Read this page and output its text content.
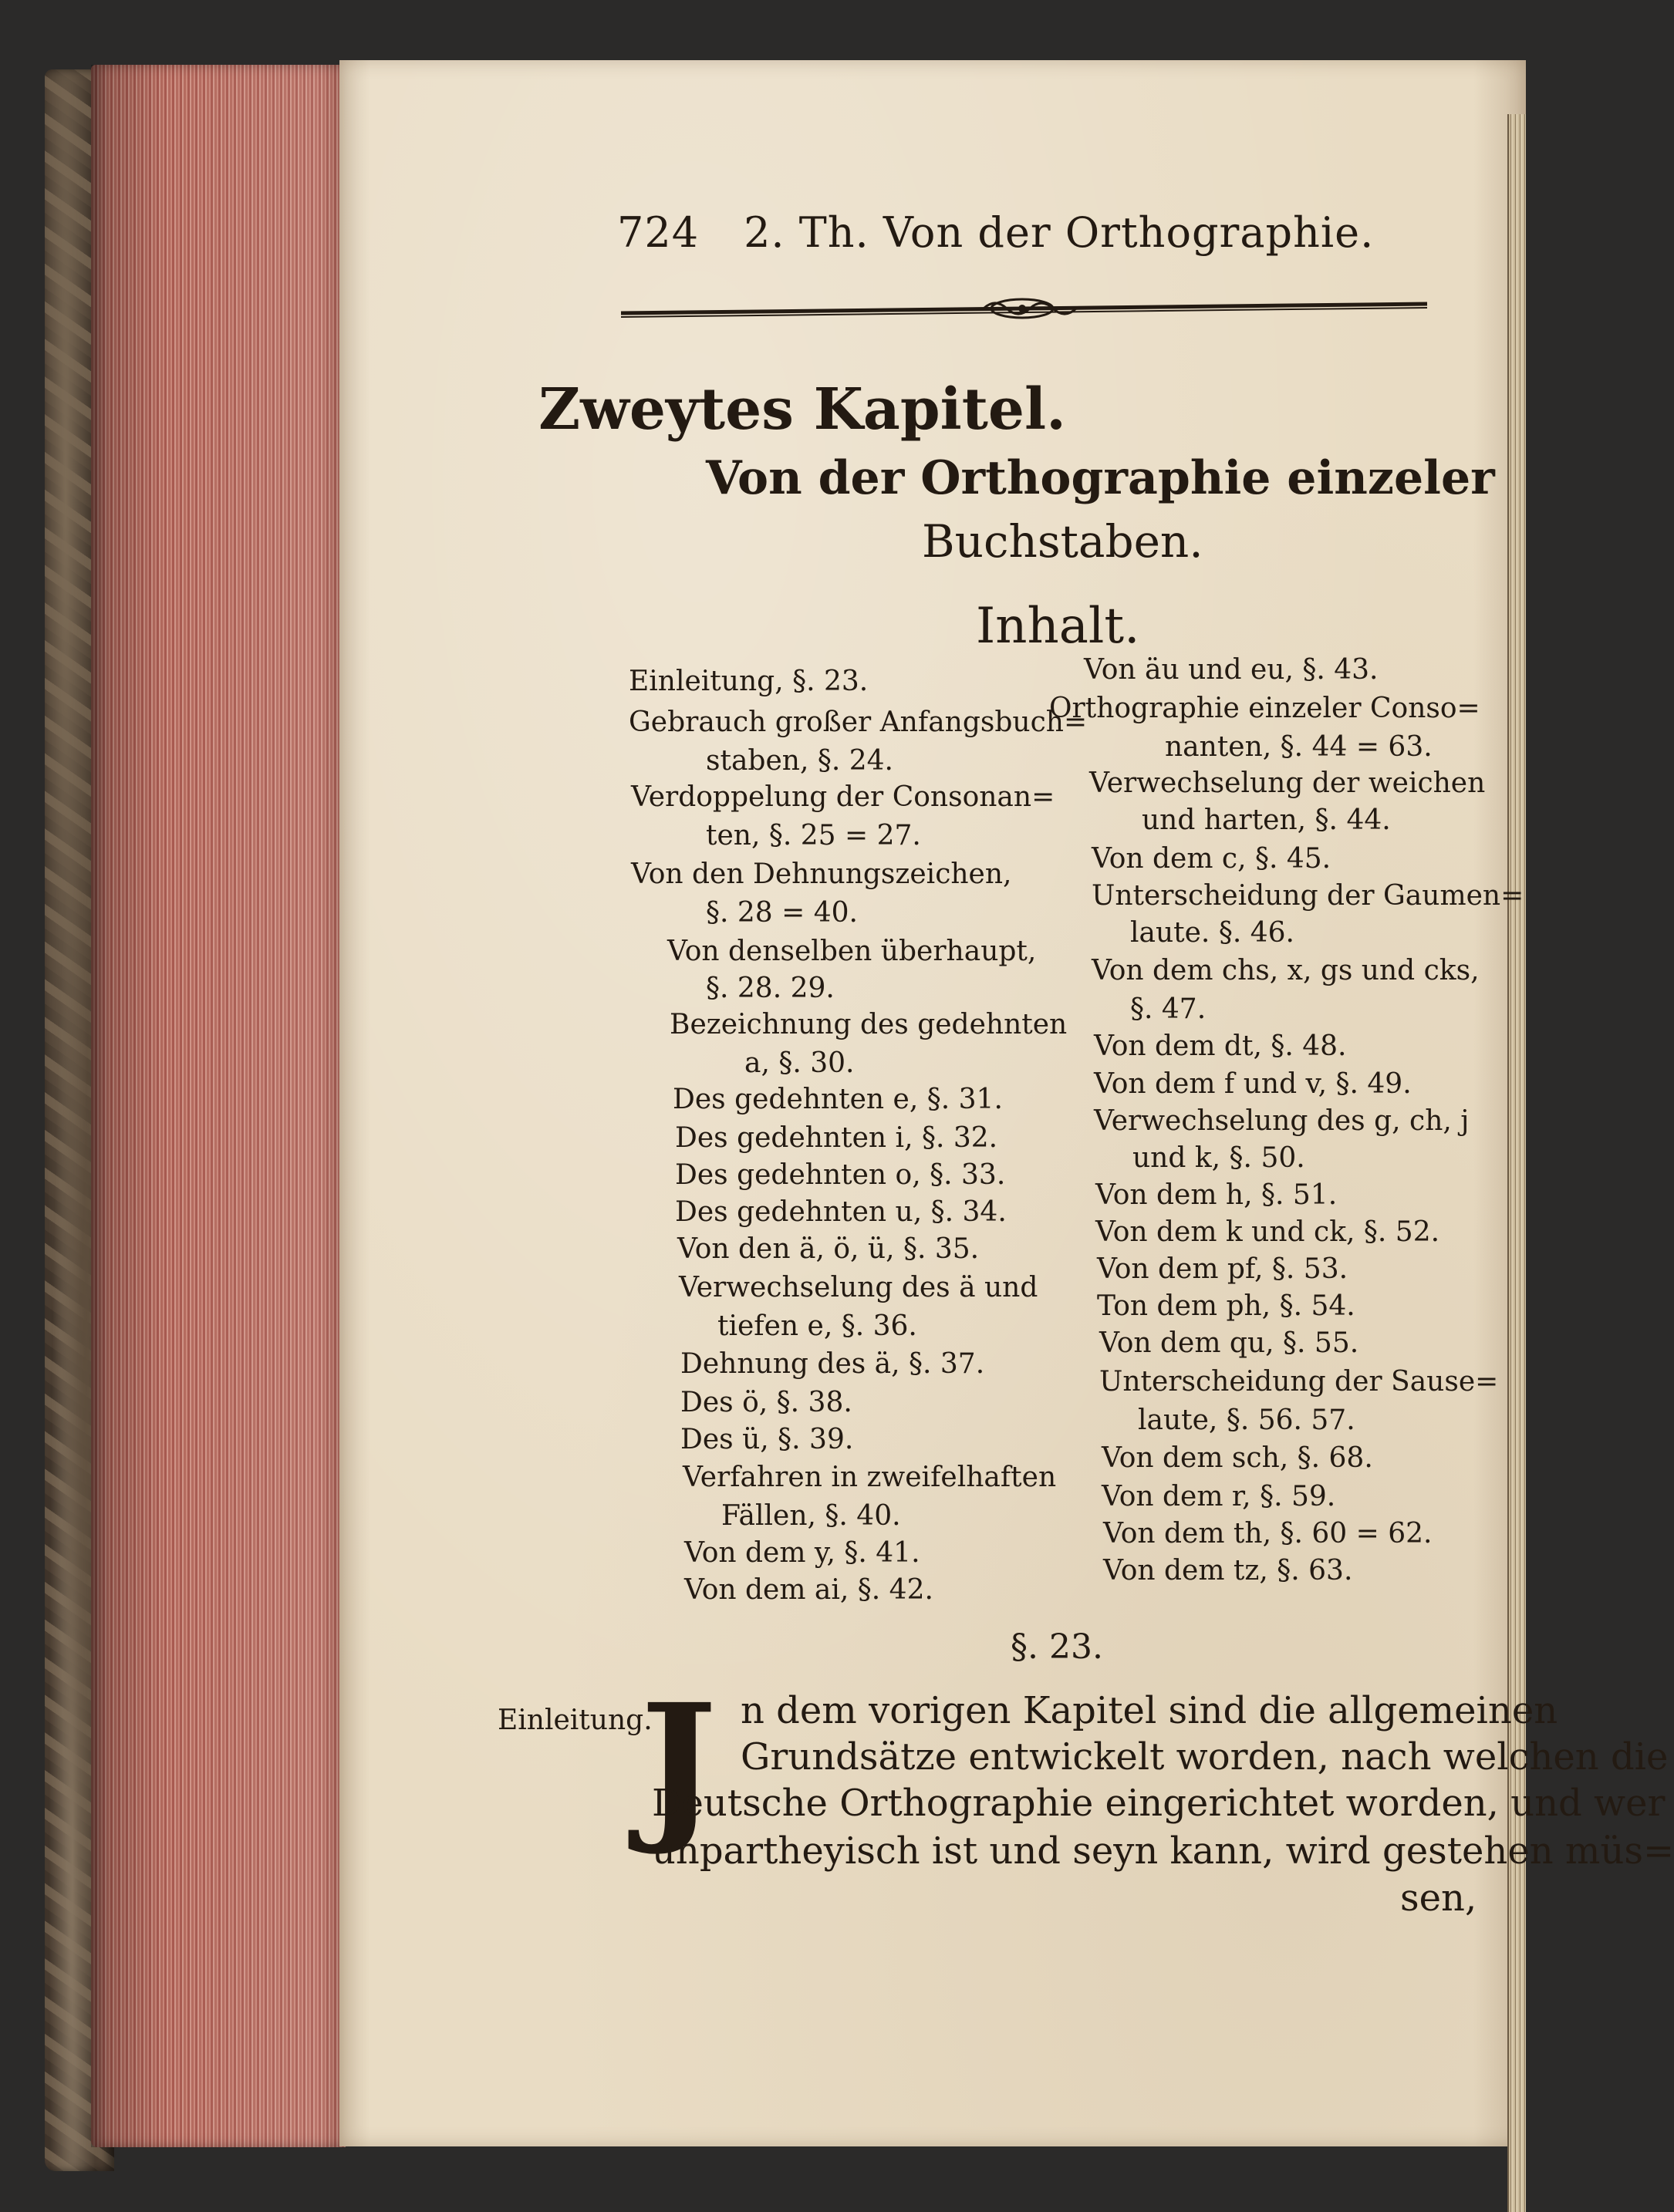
724 2. Th. Von der Orthographie.
Zweytes Kapitel.
Von der Orthographie einzeler
Buchstaben.
Inhalt.
Einleitung, §. 23.
Gebrauch großer Anfangsbuch=
staben, §. 24.
Verdoppelung der Consonan=
ten, §. 25 = 27.
Von den Dehnungszeichen,
§. 28 = 40.
Von denselben überhaupt,
§. 28. 29.
Bezeichnung des gedehnten
a, §. 30.
Des gedehnten e, §. 31.
Des gedehnten i, §. 32.
Des gedehnten o, §. 33.
Des gedehnten u, §. 34.
Von den ä, ö, ü, §. 35.
Verwechselung des ä und
tiefen e, §. 36.
Dehnung des ä, §. 37.
Des ö, §. 38.
Des ü, §. 39.
Verfahren in zweifelhaften
Fällen, §. 40.
Von dem y, §. 41.
Von dem ai, §. 42.
Von äu und eu, §. 43.
Orthographie einzeler Conso=
nanten, §. 44 = 63.
Verwechselung der weichen
und harten, §. 44.
Von dem c, §. 45.
Unterscheidung der Gaumen=
laute. §. 46.
Von dem chs, x, gs und cks,
§. 47.
Von dem dt, §. 48.
Von dem f und v, §. 49.
Verwechselung des g, ch, j
und k, §. 50.
Von dem h, §. 51.
Von dem k und ck, §. 52.
Von dem pf, §. 53.
Ton dem ph, §. 54.
Von dem qu, §. 55.
Unterscheidung der Sause=
laute, §. 56. 57.
Von dem sch, §. 68.
Von dem r, §. 59.
Von dem th, §. 60 = 62.
Von dem tz, §. 63.
§. 23.
Einleitung.
J n dem vorigen Kapitel sind die allgemeinen
Grundsätze entwickelt worden, nach welchen die
Deutsche Orthographie eingerichtet worden, und wer
unpartheyisch ist und seyn kann, wird gestehen müs=
sen,
